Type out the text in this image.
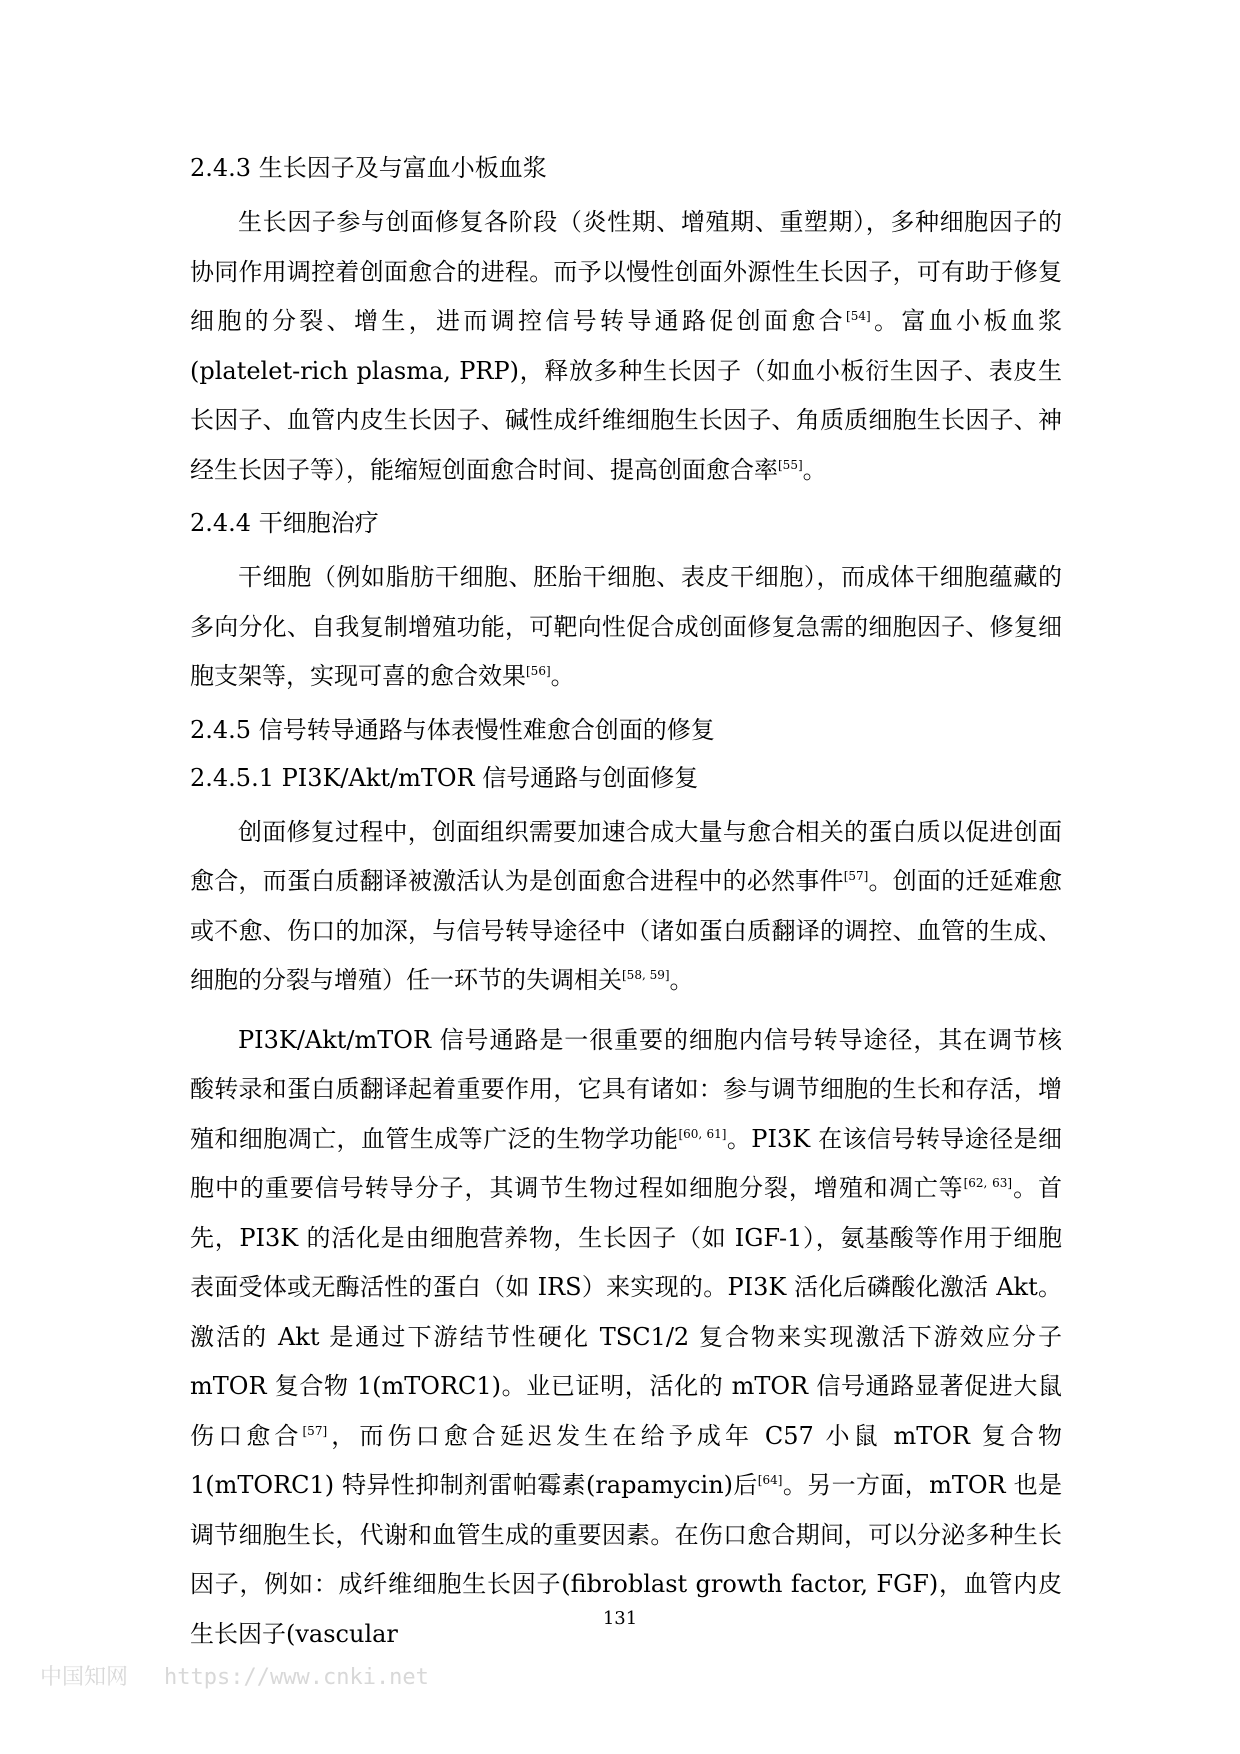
2.4.3 生长因子及与富血小板血浆

生长因子参与创面修复各阶段（炎性期、增殖期、重塑期），多种细胞因子的协同作用调控着创面愈合的进程。而予以慢性创面外源性生长因子，可有助于修复细胞的分裂、增生，进而调控信号转导通路促创面愈合[54]。富血小板血浆(platelet-rich plasma, PRP)，释放多种生长因子（如血小板衍生因子、表皮生长因子、血管内皮生长因子、碱性成纤维细胞生长因子、角质质细胞生长因子、神经生长因子等），能缩短创面愈合时间、提高创面愈合率[55]。

2.4.4 干细胞治疗

干细胞（例如脂肪干细胞、胚胎干细胞、表皮干细胞），而成体干细胞蕴藏的多向分化、自我复制增殖功能，可靶向性促合成创面修复急需的细胞因子、修复细胞支架等，实现可喜的愈合效果[56]。

2.4.5 信号转导通路与体表慢性难愈合创面的修复
2.4.5.1 PI3K/Akt/mTOR 信号通路与创面修复

创面修复过程中，创面组织需要加速合成大量与愈合相关的蛋白质以促进创面愈合，而蛋白质翻译被激活认为是创面愈合进程中的必然事件[57]。创面的迁延难愈或不愈、伤口的加深，与信号转导途径中（诸如蛋白质翻译的调控、血管的生成、细胞的分裂与增殖）任一环节的失调相关[58, 59]。

PI3K/Akt/mTOR 信号通路是一很重要的细胞内信号转导途径，其在调节核酸转录和蛋白质翻译起着重要作用，它具有诸如：参与调节细胞的生长和存活，增殖和细胞凋亡，血管生成等广泛的生物学功能[60, 61]。PI3K 在该信号转导途径是细胞中的重要信号转导分子，其调节生物过程如细胞分裂，增殖和凋亡等[62, 63]。首先，PI3K 的活化是由细胞营养物，生长因子（如 IGF-1），氨基酸等作用于细胞表面受体或无酶活性的蛋白（如 IRS）来实现的。PI3K 活化后磷酸化激活 Akt。激活的 Akt 是通过下游结节性硬化 TSC1/2 复合物来实现激活下游效应分子 mTOR 复合物 1(mTORC1)。业已证明，活化的 mTOR 信号通路显著促进大鼠伤口愈合[57]，而伤口愈合延迟发生在给予成年 C57 小鼠 mTOR 复合物 1(mTORC1) 特异性抑制剂雷帕霉素(rapamycin)后[64]。另一方面，mTOR 也是调节细胞生长，代谢和血管生成的重要因素。在伤口愈合期间，可以分泌多种生长因子，例如：成纤维细胞生长因子(fibroblast growth factor, FGF)，血管内皮生长因子(vascular

131
中国知网 https://www.cnki.net
